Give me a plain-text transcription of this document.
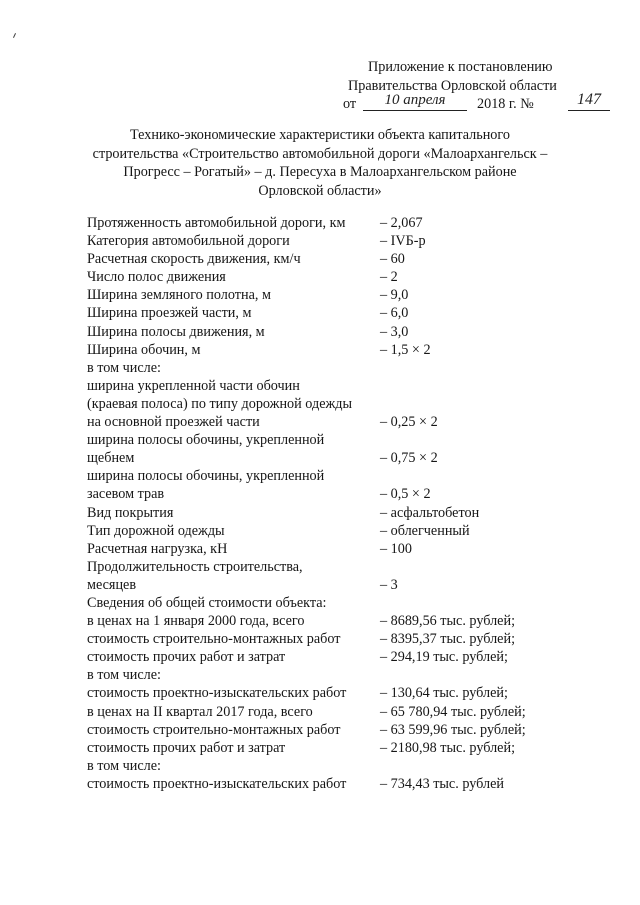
Приложение к постановлению
Правительства Орловской области
от	10 апреля	2018 г. №	147
Технико-экономические характеристики объекта капитального
строительства «Строительство автомобильной дороги «Малоархангельск –
Прогресс – Рогатый» – д. Пересуха в Малоархангельском районе
Орловской области»
Протяженность автомобильной дороги, км – 2,067
Категория автомобильной дороги	– IVБ-р
Расчетная скорость движения, км/ч	– 60
Число полос движения	– 2
Ширина земляного полотна, м	– 9,0
Ширина проезжей части, м	– 6,0
Ширина полосы движения, м	– 3,0
Ширина обочин, м	– 1,5 × 2
в том числе:
ширина укрепленной части обочин
(краевая полоса) по типу дорожной одежды
на основной проезжей части	– 0,25 × 2
ширина полосы обочины, укрепленной
щебнем	– 0,75 × 2
ширина полосы обочины, укрепленной
засевом трав	– 0,5 × 2
Вид покрытия	– асфальтобетон
Тип дорожной одежды	– облегченный
Расчетная нагрузка, кН	– 100
Продолжительность строительства,
месяцев	– 3
Сведения об общей стоимости объекта:
в ценах на 1 января 2000 года, всего	– 8689,56 тыс. рублей;
стоимость строительно-монтажных работ	– 8395,37 тыс. рублей;
стоимость прочих работ и затрат	– 294,19 тыс. рублей;
в том числе:
стоимость проектно-изыскательских работ – 130,64 тыс. рублей;
в ценах на II квартал 2017 года, всего	– 65 780,94 тыс. рублей;
стоимость строительно-монтажных работ	– 63 599,96 тыс. рублей;
стоимость прочих работ и затрат	– 2180,98 тыс. рублей;
в том числе:
стоимость проектно-изыскательских работ – 734,43 тыс. рублей
